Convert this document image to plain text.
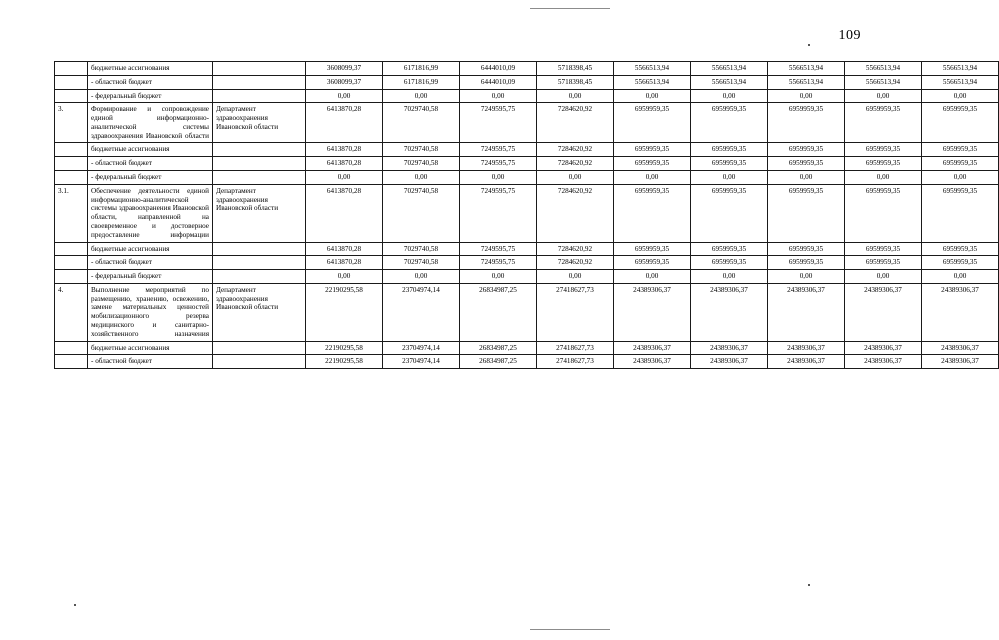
109
	бюджетные ассигнования		3608099,37	6171816,99	6444010,09	5718398,45	5566513,94	5566513,94	5566513,94	5566513,94	5566513,94
	- областной бюджет		3608099,37	6171816,99	6444010,09	5718398,45	5566513,94	5566513,94	5566513,94	5566513,94	5566513,94
	- федеральный бюджет		0,00	0,00	0,00	0,00	0,00	0,00	0,00	0,00	0,00
3.	Формирование и сопровождение единой информационно-аналитической системы здравоохранения Ивановской области	Департамент здравоохранения Ивановской области	6413870,28	7029740,58	7249595,75	7284620,92	6959959,35	6959959,35	6959959,35	6959959,35	6959959,35
	бюджетные ассигнования		6413870,28	7029740,58	7249595,75	7284620,92	6959959,35	6959959,35	6959959,35	6959959,35	6959959,35
	- областной бюджет		6413870,28	7029740,58	7249595,75	7284620,92	6959959,35	6959959,35	6959959,35	6959959,35	6959959,35
	- федеральный бюджет		0,00	0,00	0,00	0,00	0,00	0,00	0,00	0,00	0,00
3.1.	Обеспечение деятельности единой информационно-аналитической системы здравоохранения Ивановской области, направленной на своевременное и достоверное предоставление информации	Департамент здравоохранения Ивановской области	6413870,28	7029740,58	7249595,75	7284620,92	6959959,35	6959959,35	6959959,35	6959959,35	6959959,35
	бюджетные ассигнования		6413870,28	7029740,58	7249595,75	7284620,92	6959959,35	6959959,35	6959959,35	6959959,35	6959959,35
	- областной бюджет		6413870,28	7029740,58	7249595,75	7284620,92	6959959,35	6959959,35	6959959,35	6959959,35	6959959,35
	- федеральный бюджет		0,00	0,00	0,00	0,00	0,00	0,00	0,00	0,00	0,00
4.	Выполнение мероприятий по размещению, хранению, освежению, замене материальных ценностей мобилизационного резерва медицинского и санитарно-хозяйственного назначения	Департамент здравоохранения Ивановской области	22190295,58	23704974,14	26834987,25	27418627,73	24389306,37	24389306,37	24389306,37	24389306,37	24389306,37
	бюджетные ассигнования		22190295,58	23704974,14	26834987,25	27418627,73	24389306,37	24389306,37	24389306,37	24389306,37	24389306,37
	- областной бюджет		22190295,58	23704974,14	26834987,25	27418627,73	24389306,37	24389306,37	24389306,37	24389306,37	24389306,37
